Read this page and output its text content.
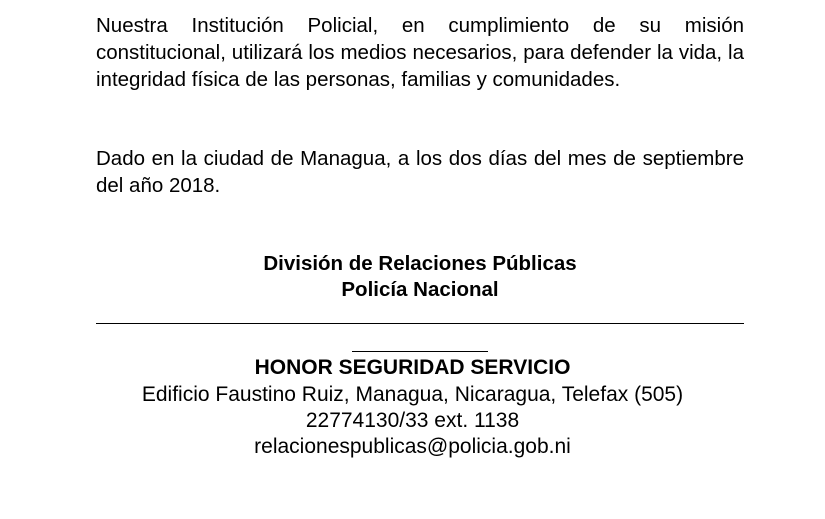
Nuestra Institución Policial, en cumplimiento de su misión constitucional, utilizará los medios necesarios, para defender la vida, la integridad física de las personas, familias y comunidades.

Dado en la ciudad de Managua, a los dos días del mes de septiembre del año 2018.

División de Relaciones Públicas

Policía Nacional

HONOR SEGURIDAD SERVICIO

Edificio Faustino Ruiz, Managua, Nicaragua, Telefax (505)

22774130/33 ext. 1138

relacionespublicas@policia.gob.ni
